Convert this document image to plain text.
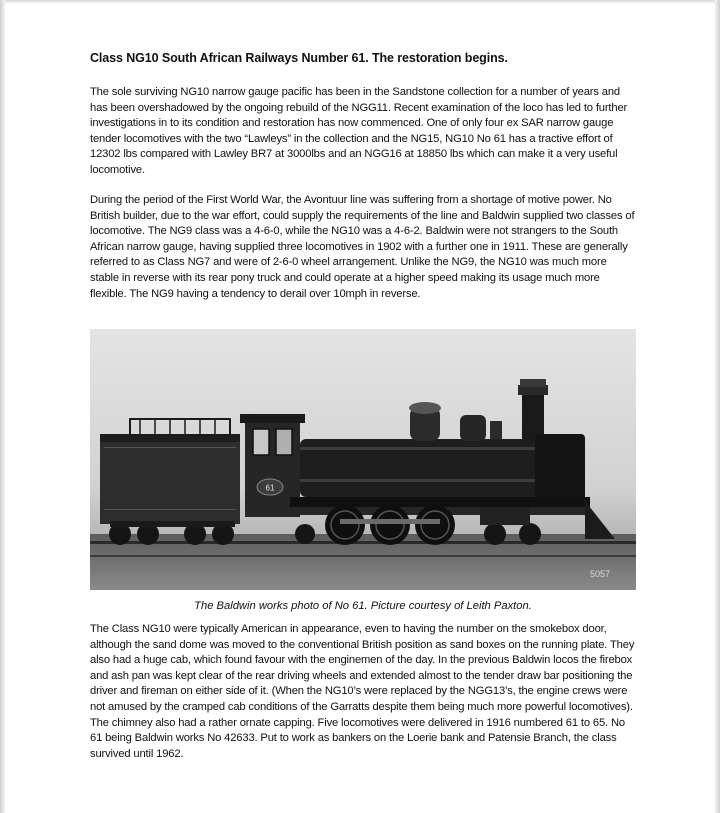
Class NG10 South African Railways Number 61. The restoration begins.

The sole surviving NG10 narrow gauge pacific has been in the Sandstone collection for a number of years and has been overshadowed by the ongoing rebuild of the NGG11. Recent examination of the loco has led to further investigations in to its condition and restoration has now commenced. One of only four ex SAR narrow gauge tender locomotives with the two “Lawleys” in the collection and the NG15, NG10 No 61 has a tractive effort of 12302 lbs compared with Lawley BR7 at 3000lbs and an NGG16 at 18850 lbs which can make it a very useful locomotive.

During the period of the First World War, the Avontuur line was suffering from a shortage of motive power. No British builder, due to the war effort, could supply the requirements of the line and Baldwin supplied two classes of locomotive. The NG9 class was a 4-6-0, while the NG10 was a 4-6-2. Baldwin were not strangers to the South African narrow gauge, having supplied three locomotives in 1902 with a further one in 1911. These are generally referred to as Class NG7 and were of 2-6-0 wheel arrangement. Unlike the NG9, the NG10 was much more stable in reverse with its rear pony truck and could operate at a higher speed making its usage much more flexible. The NG9 having a tendency to derail over 10mph in reverse.

61
5057
The Baldwin works photo of No 61. Picture courtesy of Leith Paxton.

The Class NG10 were typically American in appearance, even to having the number on the smokebox door, although the sand dome was moved to the conventional British position as sand boxes on the running plate. They also had a huge cab, which found favour with the enginemen of the day. In the previous Baldwin locos the firebox and ash pan was kept clear of the rear driving wheels and extended almost to the tender draw bar positioning the driver and fireman on either side of it. (When the NG10’s were replaced by the NGG13’s, the engine crews were not amused by the cramped cab conditions of the Garratts despite them being much more powerful locomotives). The chimney also had a rather ornate capping. Five locomotives were delivered in 1916 numbered 61 to 65. No 61 being Baldwin works No 42633. Put to work as bankers on the Loerie bank and Patensie Branch, the class survived until 1962.
